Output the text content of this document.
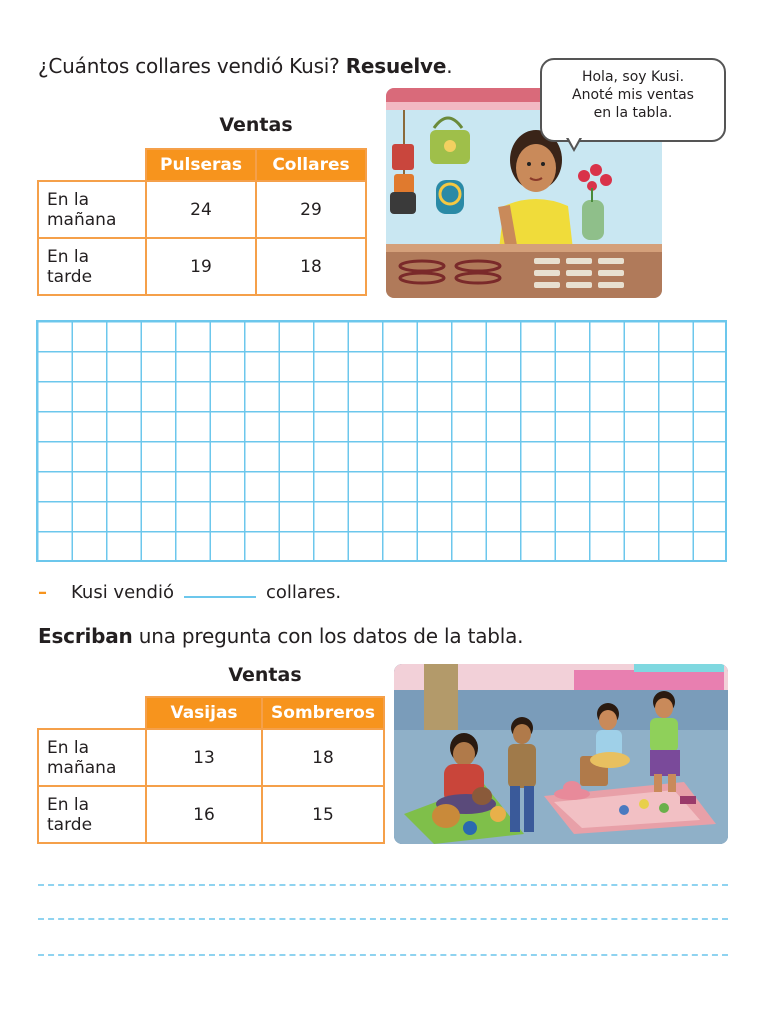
¿Cuántos collares vendió Kusi? Resuelve.
Ventas
	Pulseras	Collares
En la
mañana	24	29
En la
tarde	19	18
Hola, soy Kusi.
Anoté mis ventas
en la tabla.
– Kusi vendió	collares.
Escriban una pregunta con los datos de la tabla.
Ventas
	Vasijas	Sombreros
En la
mañana	13	18
En la
tarde	16	15
